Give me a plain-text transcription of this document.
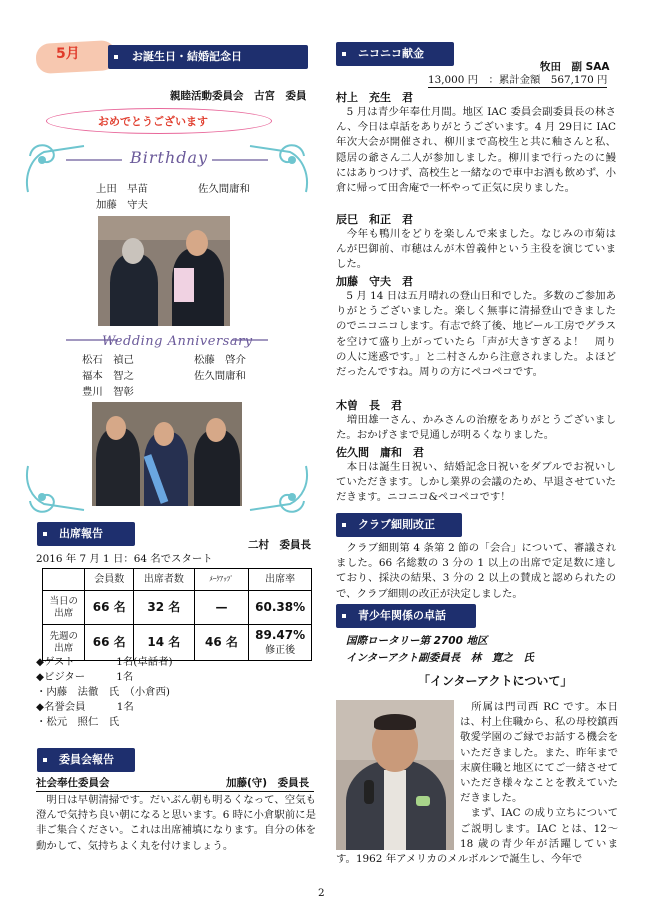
5月	お誕生日・結婚記念日
親睦活動委員会　古宮　委員
おめでとうございます
Birthday
上田　早苗	佐久間庸和
加藤　守夫
Wedding Anniversary
松石　禎己	松藤　啓介
福本　智之	佐久間庸和
豊川　智彰
出席報告
二村　委員長
2016 年 7 月 1 日：64 名でスタート
	会員数	出席者数	ﾒｰｸｱｯﾌﾟ	出席率
当日の
出席	66 名	32 名	—	60.38%
先週の
出席	66 名	14 名	46 名	89.47%
修正後
◆ゲスト　　　　1名(卓話者)
◆ビジター　　　1名
・内藤　法徹　氏　（小倉西)
◆名誉会員　　　1名
・松元　照仁　氏
委員会報告
社会奉仕委員会	加藤(守)　委員長
　明日は早朝清掃です。だいぶん朝も明るくなって、空気も澄んで気持ち良い朝になると思います。6 時に小倉駅前に是非ご集合ください。これは出席補填になります。自分の体を動かして、気持ちよく丸を付けましょう。
ニコニコ献金
牧田　副 SAA
13,000 円　：累計金額　567,170 円
村上　充生　君
　5 月は青少年奉仕月間。地区 IAC 委員会副委員長の林さん、今日は卓話をありがとうございます。4 月 29日に IAC 年次大会が開催され、柳川まで高校生と共に釉さんと私、隠居の爺さん二人が参加しました。柳川まで行ったのに鰻にはありつけず、高校生と一緒なので車中お酒も飲めず、小倉に帰って田舎庵で一杯やって正気に戻りました。
辰巳　和正　君
　今年も鴨川をどりを楽しんで来ました。なじみの市菊はんが巴御前、市穂はんが木曽義仲という主役を演じていました。
加藤　守夫　君
　5 月 14 日は五月晴れの登山日和でした。多数のご参加ありがとうございました。楽しく無事に清掃登山できましたのでニコニコします。有志で終了後、地ビール工房でグラスを空けて盛り上がっていたら「声が大きすぎるよ！　周りの人に迷惑です。」と二村さんから注意されました。よほどだったんですね。周りの方にペコペコです。
木曽　長　君
　増田雄一さん、かみさんの治療をありがとうございました。おかげさまで見通しが明るくなりました。
佐久間　庸和　君
　本日は誕生日祝い、結婚記念日祝いをダブルでお祝いしていただきます。しかし業界の会議のため、早退させていただきます。ニコニコ&ペコペコです！
クラブ細則改正
　クラブ細則第 4 条第 2 節の「会合」について、審議されました。66 名総数の 3 分の 1 以上の出席で定足数に達しており、採決の結果、3 分の 2 以上の賛成と認められたので、クラブ細則の改正が決定しました。
青少年関係の卓話
国際ロータリー第 2700 地区
インターアクト副委員長　林　寛之　氏
「インターアクトについて」
　所属は門司西 RC です。本日は、村上住職から、私の母校鎮西敬愛学園のご縁でお話する機会をいただきました。また、昨年まで末廣住職と地区にてご一緒させていただき様々なことを教えていただきました。
　まず、IAC の成り立ちについてご説明します。IAC とは、12～18 歳の青少年が活躍しています。1962 年アメリカのメルボルンで誕生し、今年で
2
